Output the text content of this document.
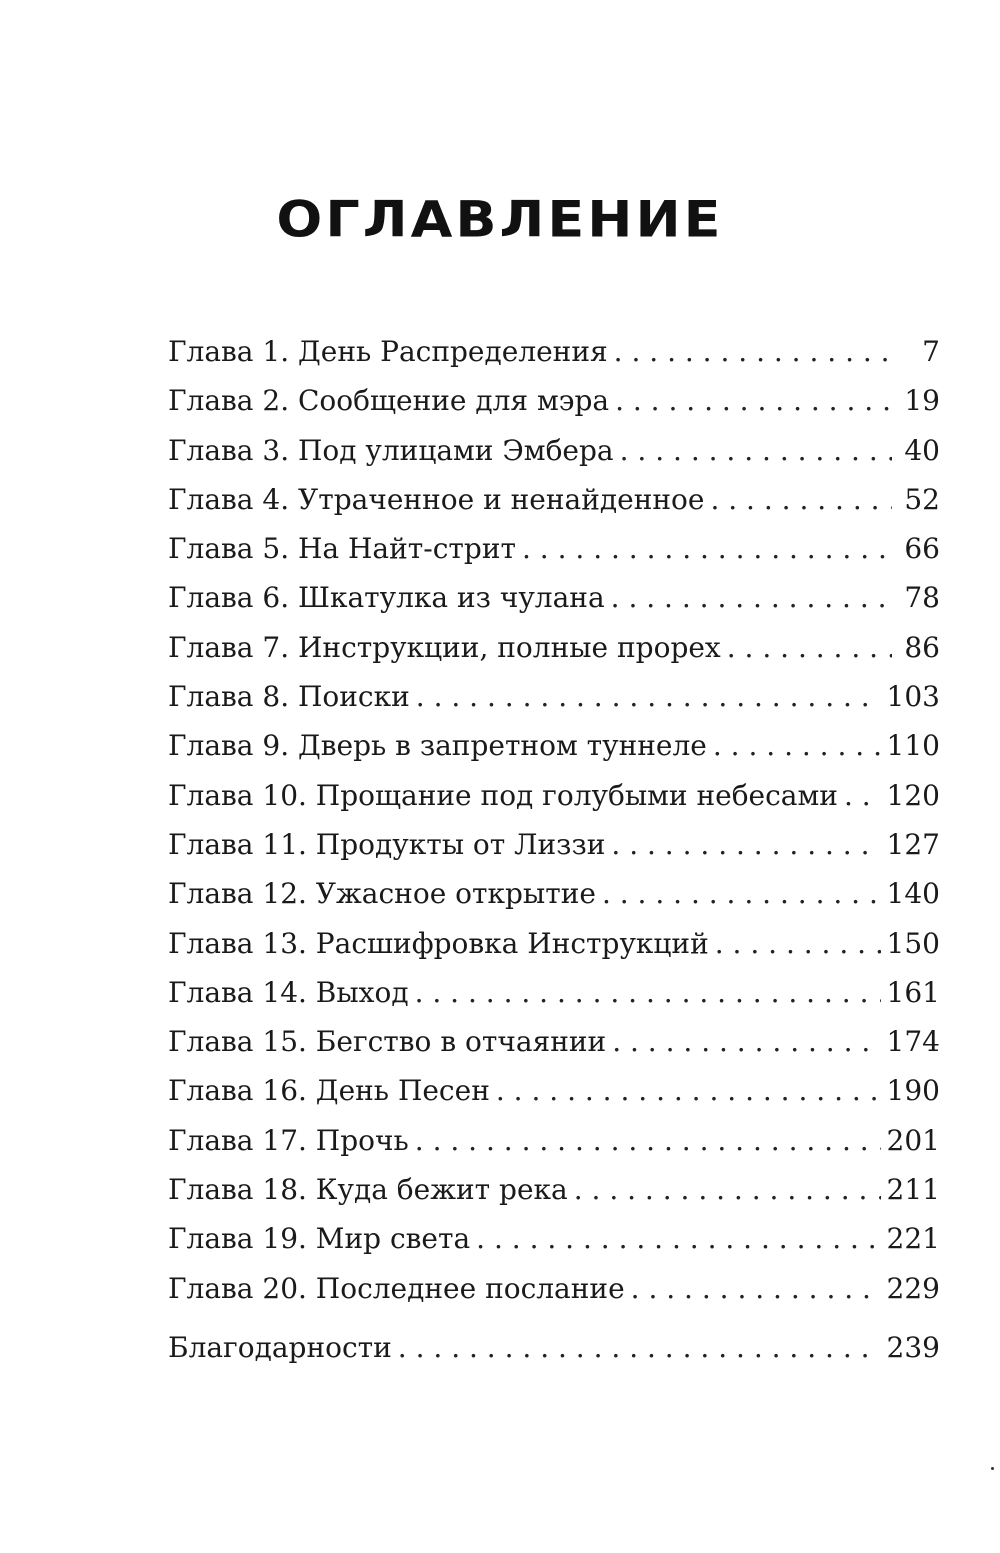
ОГЛАВЛЕНИЕ
Глава 1. День Распределения . . .	7
Глава 2. Сообщение для мэра . . .	19
Глава 3. Под улицами Эмбера . . .	40
Глава 4. Утраченное и ненайденное . . .	52
Глава 5. На Найт-стрит . . .	66
Глава 6. Шкатулка из чулана . . .	78
Глава 7. Инструкции, полные прорех . . .	86
Глава 8. Поиски . . .	103
Глава 9. Дверь в запретном туннеле . . .	110
Глава 10. Прощание под голубыми небесами . . . 120
Глава 11. Продукты от Лиззи . . .	127
Глава 12. Ужасное открытие . . .	140
Глава 13. Расшифровка Инструкций . . .	150
Глава 14. Выход . . .	161
Глава 15. Бегство в отчаянии . . .	174
Глава 16. День Песен . . .	190
Глава 17. Прочь . . .	201
Глава 18. Куда бежит река . . .	211
Глава 19. Мир света . . .	221
Глава 20. Последнее послание . . .	229
Благодарности . . .	239
